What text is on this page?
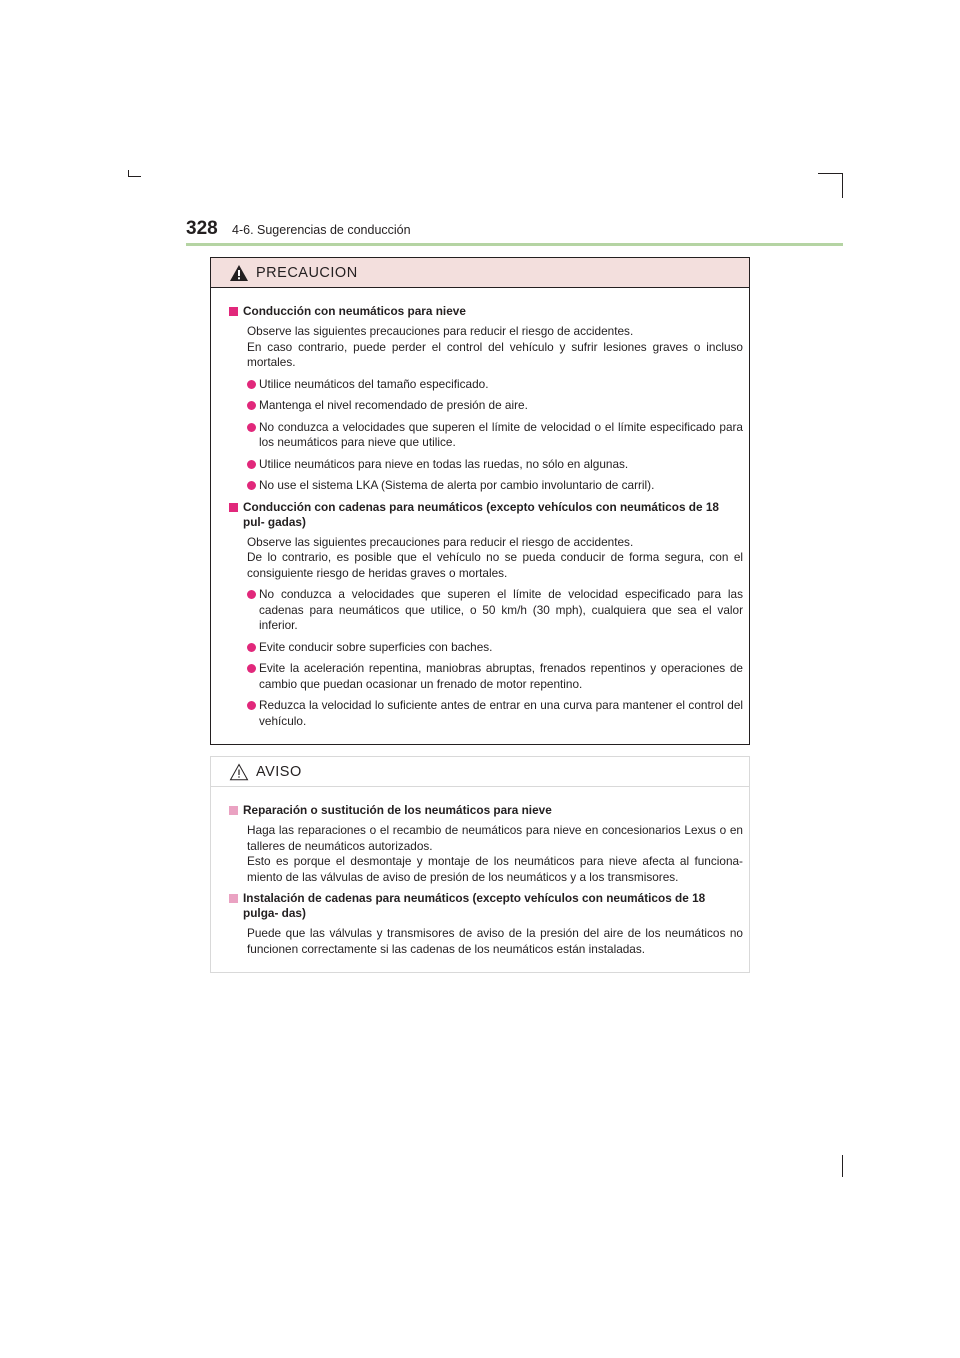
328 4-6. Sugerencias de conducción
PRECAUCION
Conducción con neumáticos para nieve
Observe las siguientes precauciones para reducir el riesgo de accidentes.
En caso contrario, puede perder el control del vehículo y sufrir lesiones graves o incluso mortales.
Utilice neumáticos del tamaño especificado.
Mantenga el nivel recomendado de presión de aire.
No conduzca a velocidades que superen el límite de velocidad o el límite especificado para los neumáticos para nieve que utilice.
Utilice neumáticos para nieve en todas las ruedas, no sólo en algunas.
No use el sistema LKA (Sistema de alerta por cambio involuntario de carril).
Conducción con cadenas para neumáticos (excepto vehículos con neumáticos de 18 pul- gadas)
Observe las siguientes precauciones para reducir el riesgo de accidentes.
De lo contrario, es posible que el vehículo no se pueda conducir de forma segura, con el consiguiente riesgo de heridas graves o mortales.
No conduzca a velocidades que superen el límite de velocidad especificado para las cadenas para neumáticos que utilice, o 50 km/h (30 mph), cualquiera que sea el valor inferior.
Evite conducir sobre superficies con baches.
Evite la aceleración repentina, maniobras abruptas, frenados repentinos y operaciones de cambio que puedan ocasionar un frenado de motor repentino.
Reduzca la velocidad lo suficiente antes de entrar en una curva para mantener el control del vehículo.
AVISO
Reparación o sustitución de los neumáticos para nieve
Haga las reparaciones o el recambio de neumáticos para nieve en concesionarios Lexus o en talleres de neumáticos autorizados.
Esto es porque el desmontaje y montaje de los neumáticos para nieve afecta al funciona- miento de las válvulas de aviso de presión de los neumáticos y a los transmisores.
Instalación de cadenas para neumáticos (excepto vehículos con neumáticos de 18 pulga- das)
Puede que las válvulas y transmisores de aviso de la presión del aire de los neumáticos no funcionen correctamente si las cadenas de los neumáticos están instaladas.
